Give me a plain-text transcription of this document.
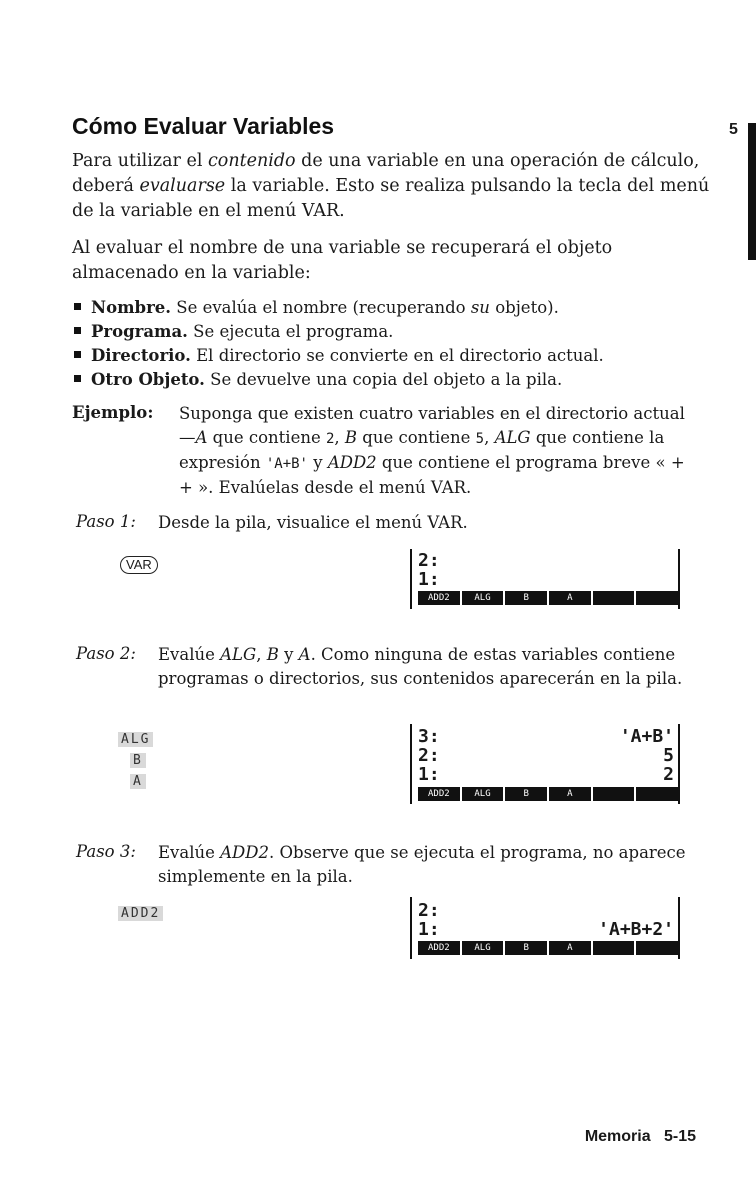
Cómo Evaluar Variables	5
Para utilizar el contenido de una variable en una operación de cálculo, deberá evaluarse la variable. Esto se realiza pulsando la tecla del menú de la variable en el menú VAR.
Al evaluar el nombre de una variable se recuperará el objeto almacenado en la variable:
Nombre. Se evalúa el nombre (recuperando su objeto).
Programa. Se ejecuta el programa.
Directorio. El directorio se convierte en el directorio actual.
Otro Objeto. Se devuelve una copia del objeto a la pila.
Ejemplo: Suponga que existen cuatro variables en el directorio actual—A que contiene 2, B que contiene 5, ALG que contiene la expresión 'A+B' y ADD2 que contiene el programa breve « + + ». Evalúelas desde el menú VAR.
Paso 1: Desde la pila, visualice el menú VAR.
VAR	2:
1:
ADD2	ALG	B	A
Paso 2: Evalúe ALG, B y A. Como ninguna de estas variables contiene programas o directorios, sus contenidos aparecerán en la pila.
ALG
B
A
3:	'A+B'
2:	5
1:	2
ADD2	ALG	B	A
Paso 3: Evalúe ADD2. Observe que se ejecuta el programa, no aparece simplemente en la pila.
ADD2	2:
1:	'A+B+2'
ADD2	ALG	B	A
Memoria 5-15
